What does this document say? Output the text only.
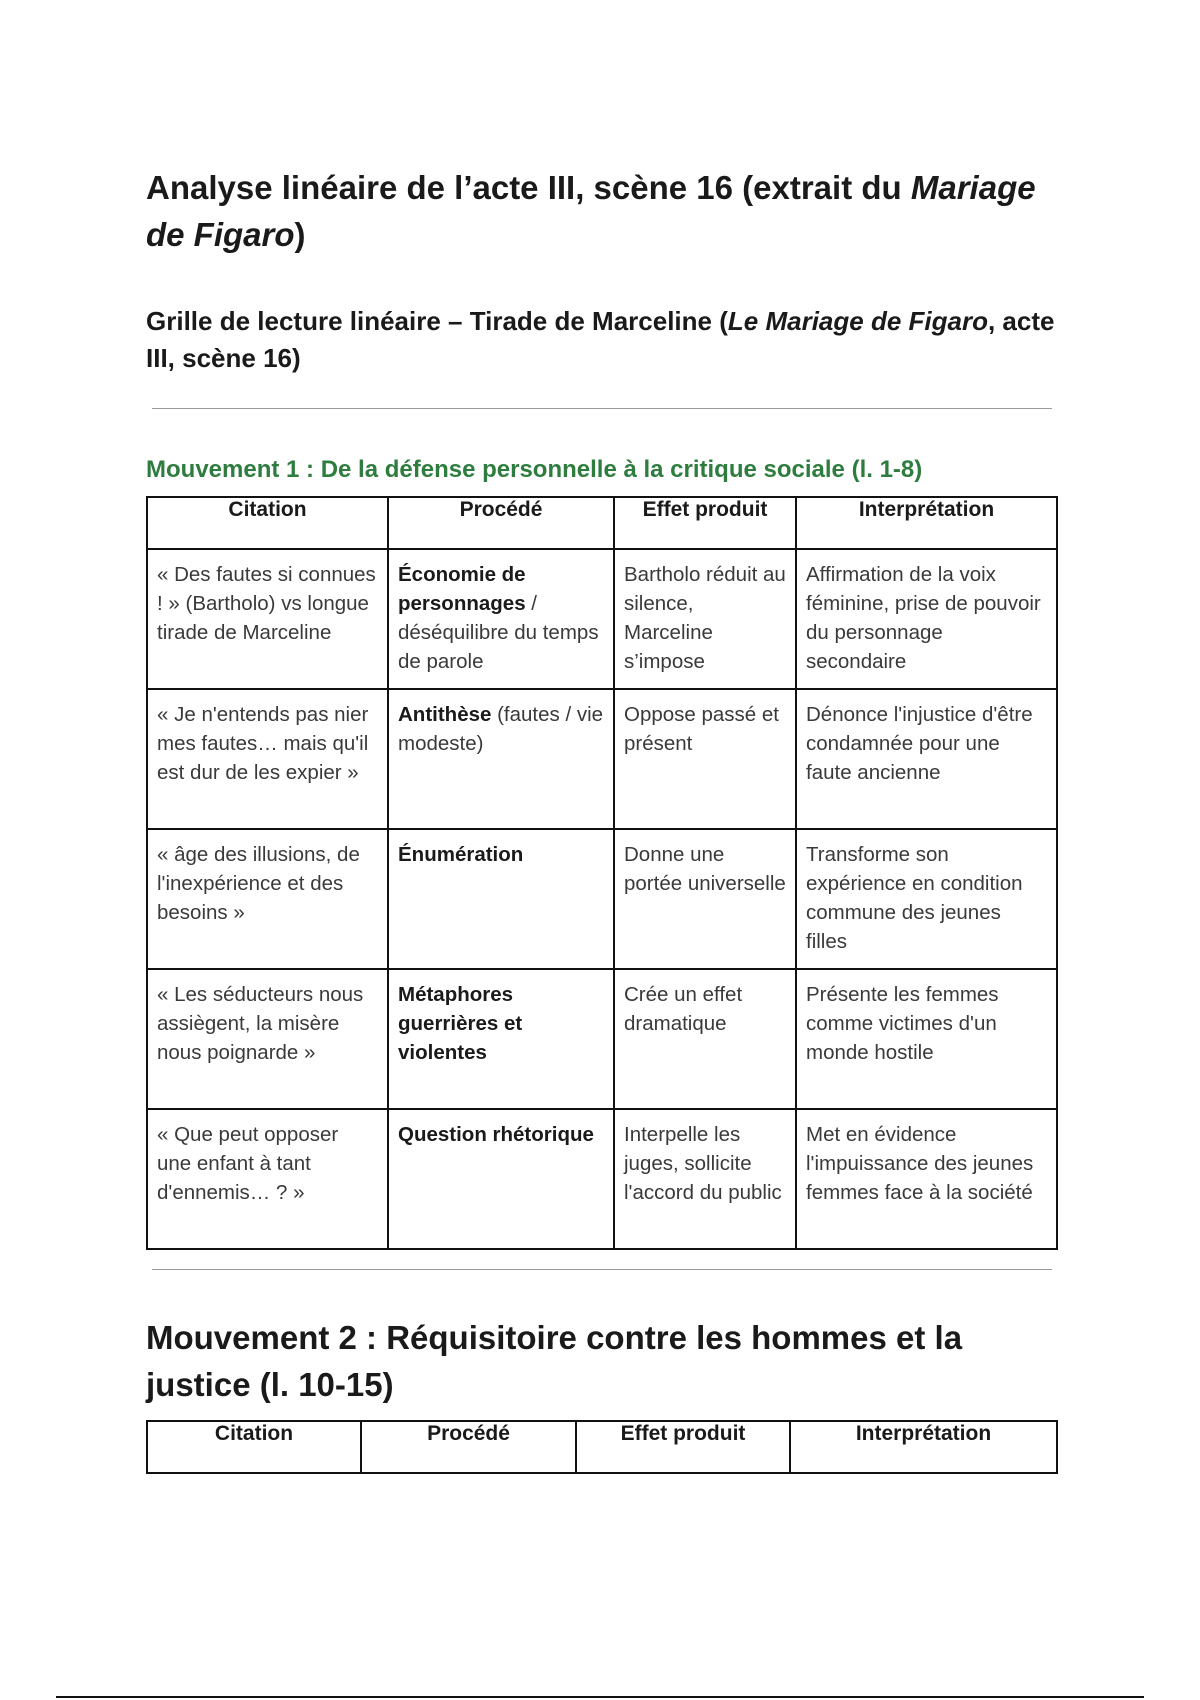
Analyse linéaire de l’acte III, scène 16 (extrait du Mariage de Figaro)
Grille de lecture linéaire – Tirade de Marceline (Le Mariage de Figaro, acte III, scène 16)
Mouvement 1 : De la défense personnelle à la critique sociale (l. 1-8)
Citation	Procédé	Effet produit	Interprétation
« Des fautes si connues ! » (Bartholo) vs longue tirade de Marceline	Économie de personnages / déséquilibre du temps de parole	Bartholo réduit au silence, Marceline s’impose	Affirmation de la voix féminine, prise de pouvoir du personnage secondaire
« Je n'entends pas nier mes fautes… mais qu'il est dur de les expier »	Antithèse (fautes / vie modeste)	Oppose passé et présent	Dénonce l'injustice d'être condamnée pour une faute ancienne
« âge des illusions, de l'inexpérience et des besoins »	Énumération	Donne une portée universelle	Transforme son expérience en condition commune des jeunes filles
« Les séducteurs nous assiègent, la misère nous poignarde »	Métaphores guerrières et violentes	Crée un effet dramatique	Présente les femmes comme victimes d'un monde hostile
« Que peut opposer une enfant à tant d'ennemis… ? »	Question rhétorique	Interpelle les juges, sollicite l'accord du public	Met en évidence l'impuissance des jeunes femmes face à la société
Mouvement 2 : Réquisitoire contre les hommes et la justice (l. 10-15)
Citation	Procédé	Effet produit	Interprétation
